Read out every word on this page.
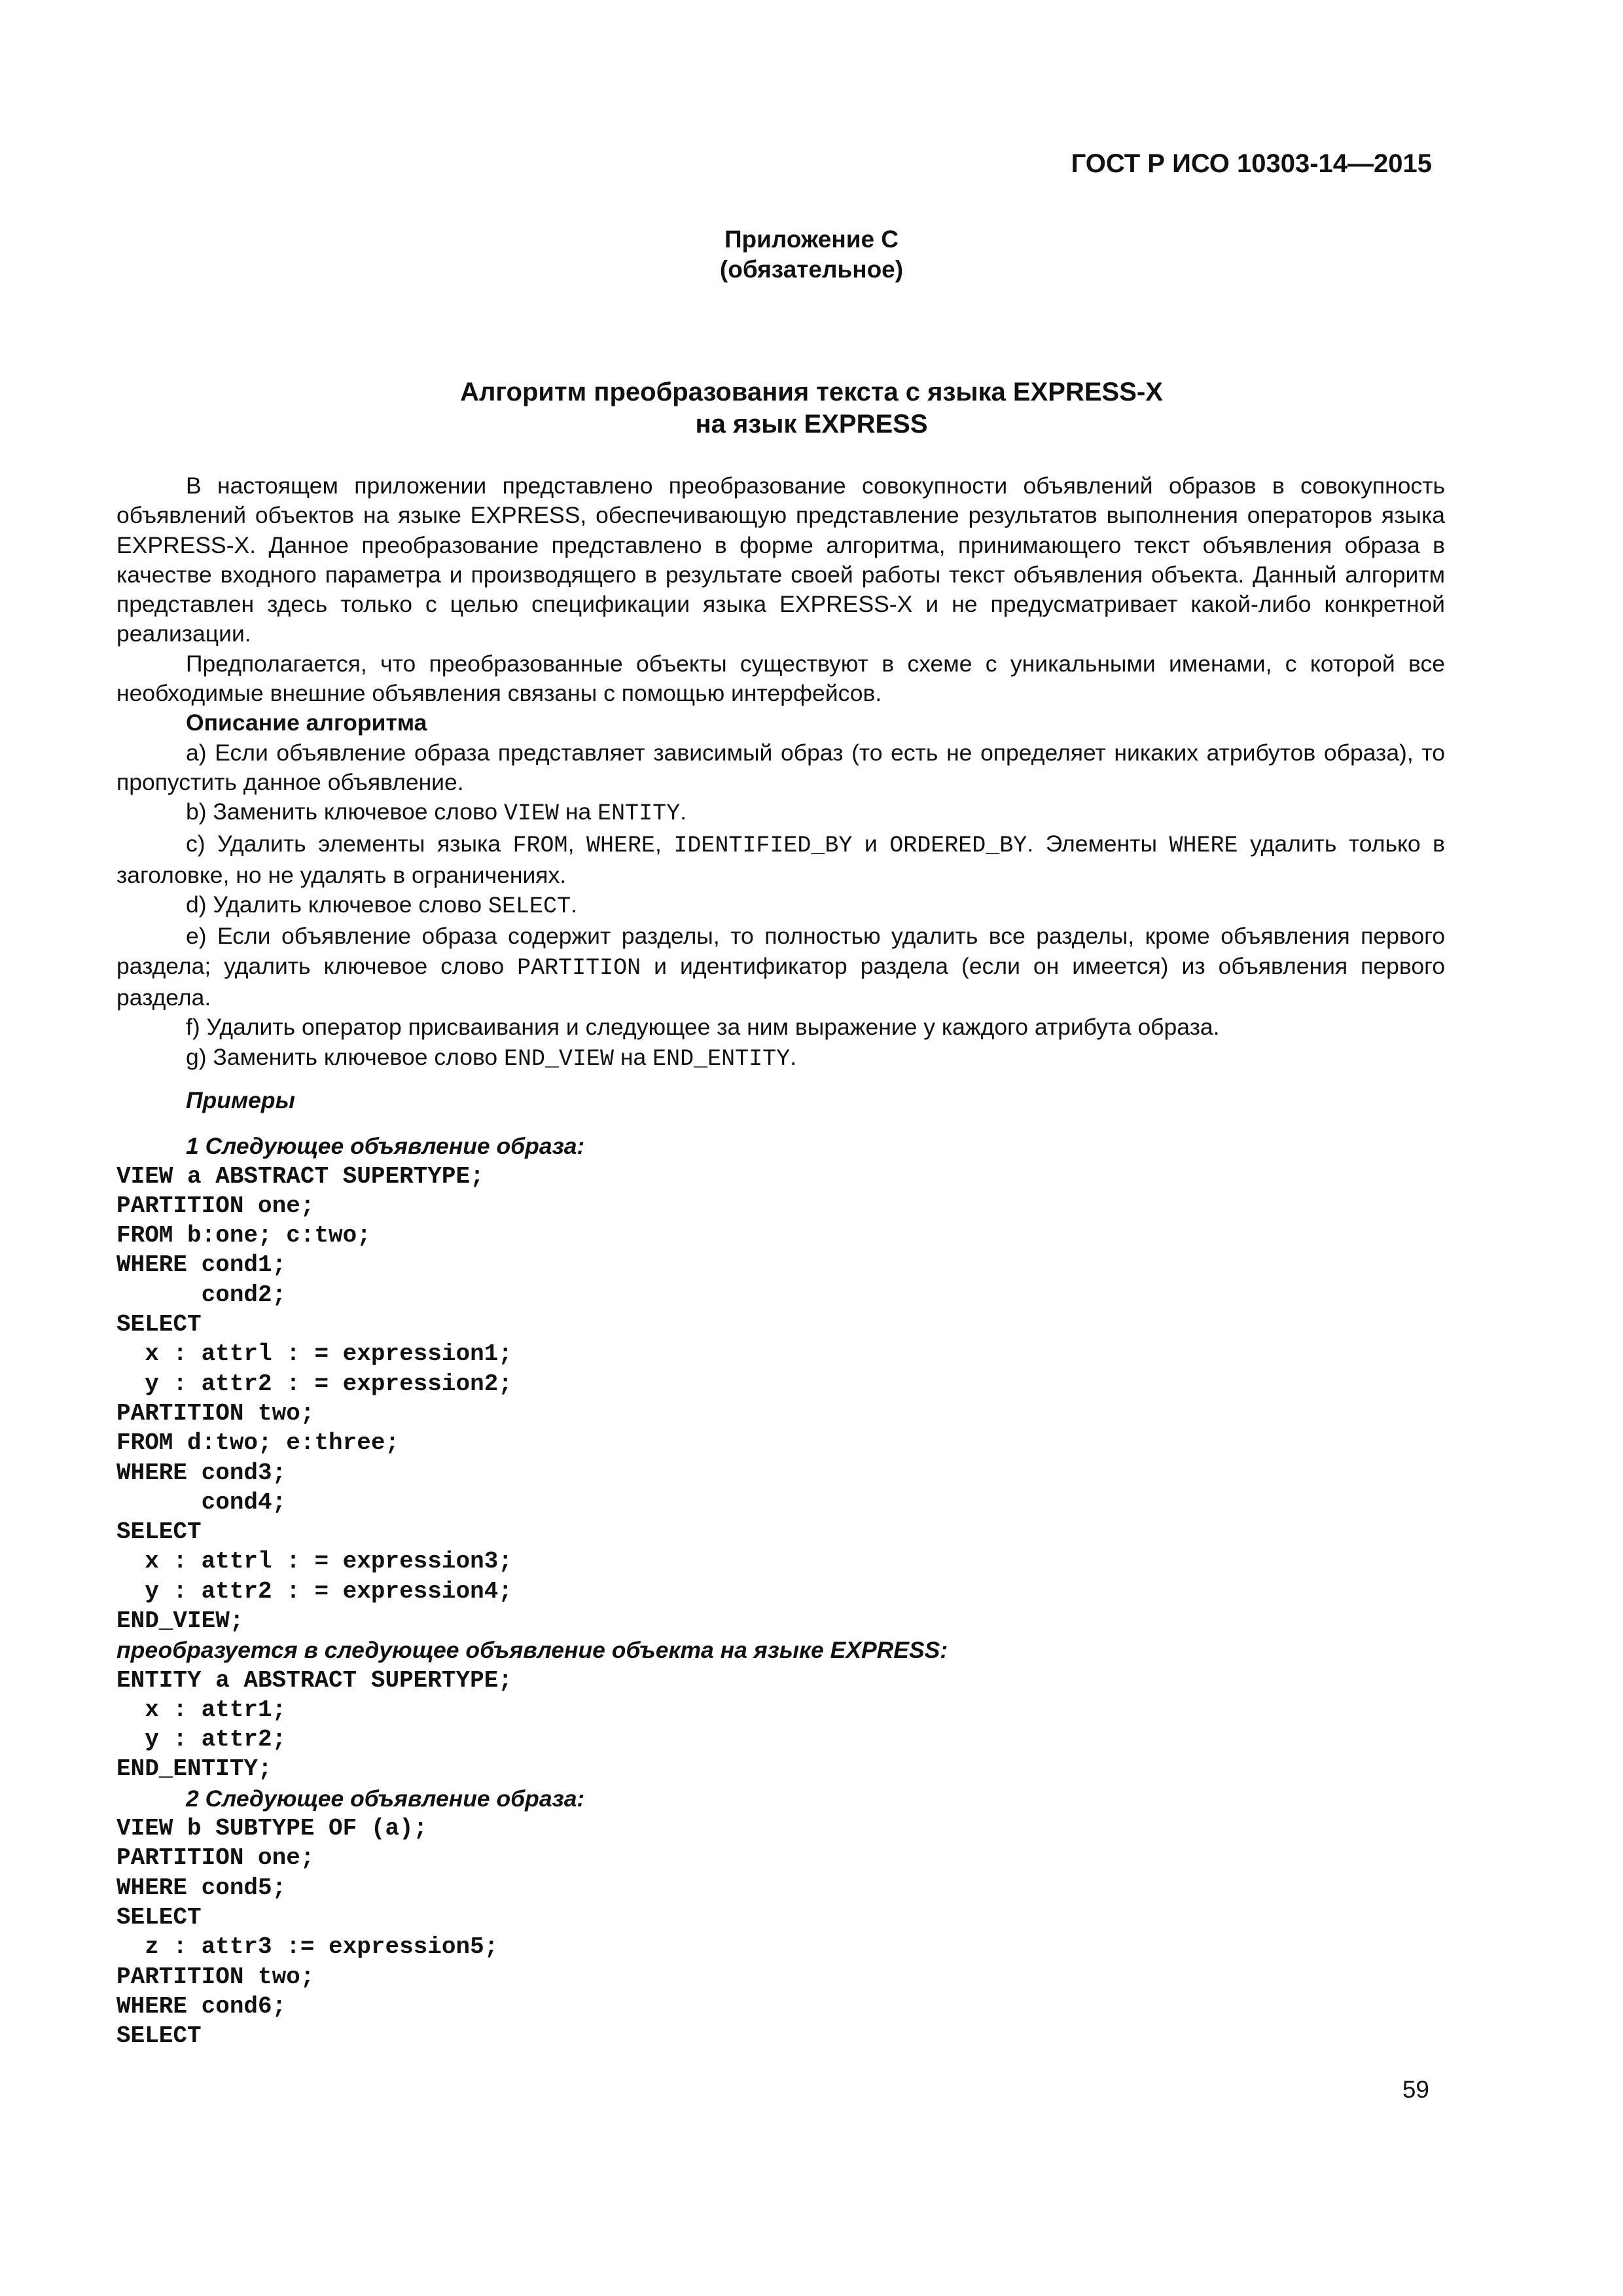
ГОСТ Р ИСО 10303-14—2015
Приложение С
(обязательное)
Алгоритм преобразования текста с языка EXPRESS-X
на язык EXPRESS

В настоящем приложении представлено преобразование совокупности объявлений образов в совокупность объявлений объектов на языке EXPRESS, обеспечивающую представление результатов выполнения операторов языка EXPRESS-X. Данное преобразование представлено в форме алгоритма, принимающего текст объявления образа в качестве входного параметра и производящего в результате своей работы текст объявления объекта. Данный алгоритм представлен здесь только с целью спецификации языка EXPRESS-X и не предусматривает какой-либо конкретной реализации.

Предполагается, что преобразованные объекты существуют в схеме с уникальными именами, с которой все необходимые внешние объявления связаны с помощью интерфейсов.

Описание алгоритма

a) Если объявление образа представляет зависимый образ (то есть не определяет никаких атрибутов образа), то пропустить данное объявление.

b) Заменить ключевое слово VIEW на ENTITY.

c) Удалить элементы языка FROM, WHERE, IDENTIFIED_BY и ORDERED_BY. Элементы WHERE удалить только в заголовке, но не удалять в ограничениях.

d) Удалить ключевое слово SELECT.

e) Если объявление образа содержит разделы, то полностью удалить все разделы, кроме объявления первого раздела; удалить ключевое слово PARTITION и идентификатор раздела (если он имеется) из объявления первого раздела.

f) Удалить оператор присваивания и следующее за ним выражение у каждого атрибута образа.

g) Заменить ключевое слово END_VIEW на END_ENTITY.

Примеры

1 Следующее объявление образа:

VIEW a ABSTRACT SUPERTYPE;
PARTITION one;
FROM b:one; c:two;
WHERE cond1;
cond2;
SELECT
x : attrl : = expression1;
y : attr2 : = expression2;
PARTITION two;
FROM d:two; e:three;
WHERE cond3;
cond4;
SELECT
x : attrl : = expression3;
y : attr2 : = expression4;
END_VIEW;

преобразуется в следующее объявление объекта на языке EXPRESS:

ENTITY a ABSTRACT SUPERTYPE;
x : attr1;
y : attr2;
END_ENTITY;

2 Следующее объявление образа:

VIEW b SUBTYPE OF (a);
PARTITION one;
WHERE cond5;
SELECT
z : attr3 := expression5;
PARTITION two;
WHERE cond6;
SELECT
59
